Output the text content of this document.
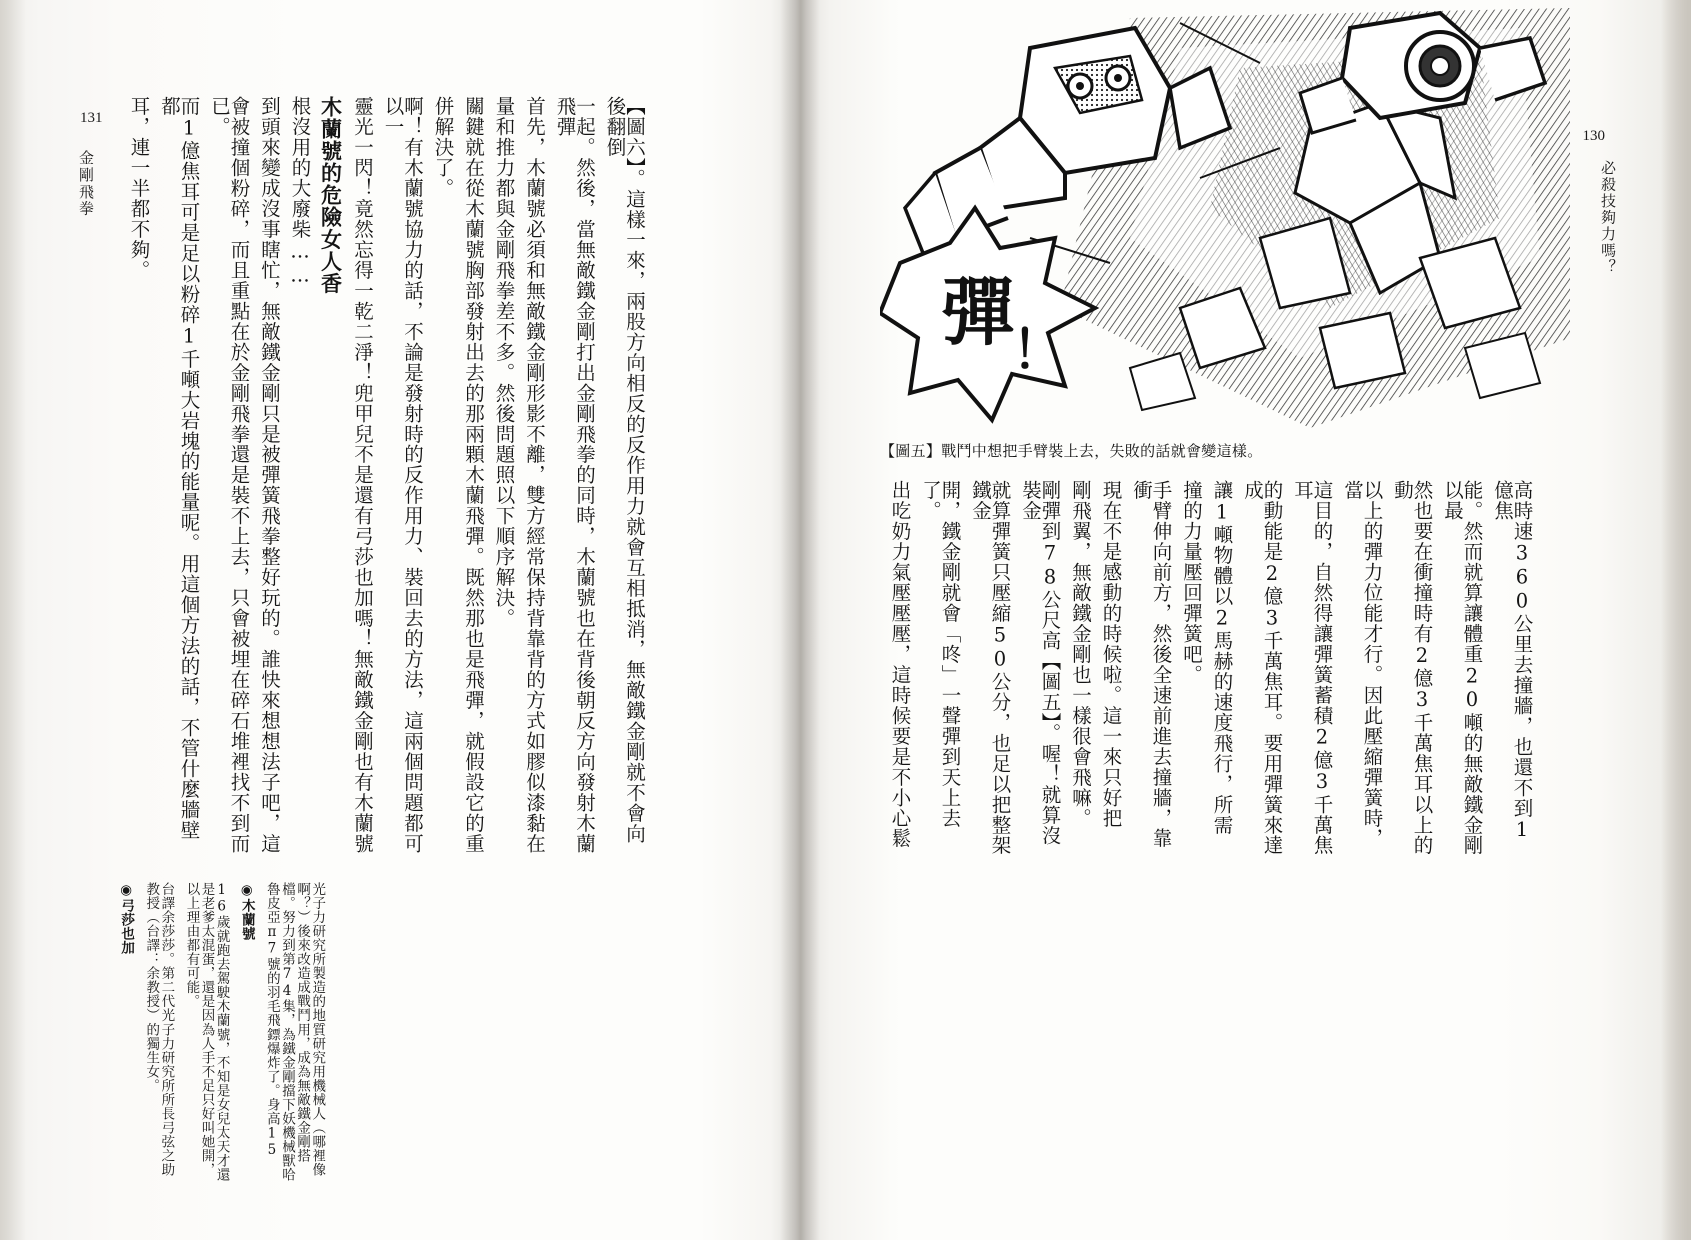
131
金剛飛拳 耳，連一半都不夠。	而1億焦耳可是足以粉碎1千噸大岩塊的能量呢。用這個方法的話，不管什麼牆壁都	會被撞個粉碎，而且重點在於金剛飛拳還是裝不上去，只會被埋在碎石堆裡找不到而已。	到頭來變成沒事瞎忙，無敵鐵金剛只是被彈簧飛拳整好玩的。誰快來想想法子吧，這 根沒用的大廢柴…… 木蘭號的危險女人香 靈光一閃！竟然忘得一乾二淨！兜甲兒不是還有弓莎也加嗎！無敵鐵金剛也有木蘭號	啊！有木蘭號協力的話，不論是發射時的反作用力、裝回去的方法，這兩個問題都可以一	併解決了。 關鍵就在從木蘭號胸部發射出去的那兩顆木蘭飛彈。既然那也是飛彈，就假設它的重 量和推力都與金剛飛拳差不多。然後問題照以下順序解決。 首先，木蘭號必須和無敵鐵金剛形影不離，雙方經常保持背靠背的方式如膠似漆黏在	一起。然後，當無敵鐵金剛打出金剛飛拳的同時，木蘭號也在背後朝反方向發射木蘭飛彈	【圖六】。這樣一來，兩股方向相反的反作用力就會互相抵消，無敵鐵金剛就不會向後翻倒
◉弓莎也加	台譯余莎莎。第二代光子力研究所所長弓弦之助教授（台譯：余教授）的獨生女。	16歲就跑去駕駛木蘭號，不知是女兒太天才還是老爹太混蛋，還是因為人手不足只好叫她開，以上理由都有可能。	◉木蘭號	光子力研究所製造的地質研究用機械人（哪裡像啊？）後來改造成戰鬥用，成為無敵鐵金剛搭檔。努力到第74集，為鐵金剛擋下妖機械獸哈魯皮亞π7號的羽毛飛鏢爆炸了。身高15
130
必殺技夠力嗎？
彈
！
【圖五】戰鬥中想把手臂裝上去，失敗的話就會變這樣。
出吃奶力氣壓壓壓，這時候要是不小心鬆	開，鐵金剛就會「咚」一聲彈到天上去了。	就算彈簧只壓縮50公分，也足以把整架鐵金	剛彈到78公尺高【圖五】。喔！就算沒裝金	剛飛翼，無敵鐵金剛也一樣很會飛嘛。 現在不是感動的時候啦。這一來只好把	手臂伸向前方，然後全速前進去撞牆，靠衝	撞的力量壓回彈簧吧。 讓1噸物體以2馬赫的速度飛行，所需	的動能是2億3千萬焦耳。要用彈簧來達成	這目的，自然得讓彈簧蓄積2億3千萬焦耳	以上的彈力位能才行。因此壓縮彈簧時，當	然也要在衝撞時有2億3千萬焦耳以上的動	能。然而就算讓體重20噸的無敵鐵金剛以最	高時速360公里去撞牆，也還不到1億焦
